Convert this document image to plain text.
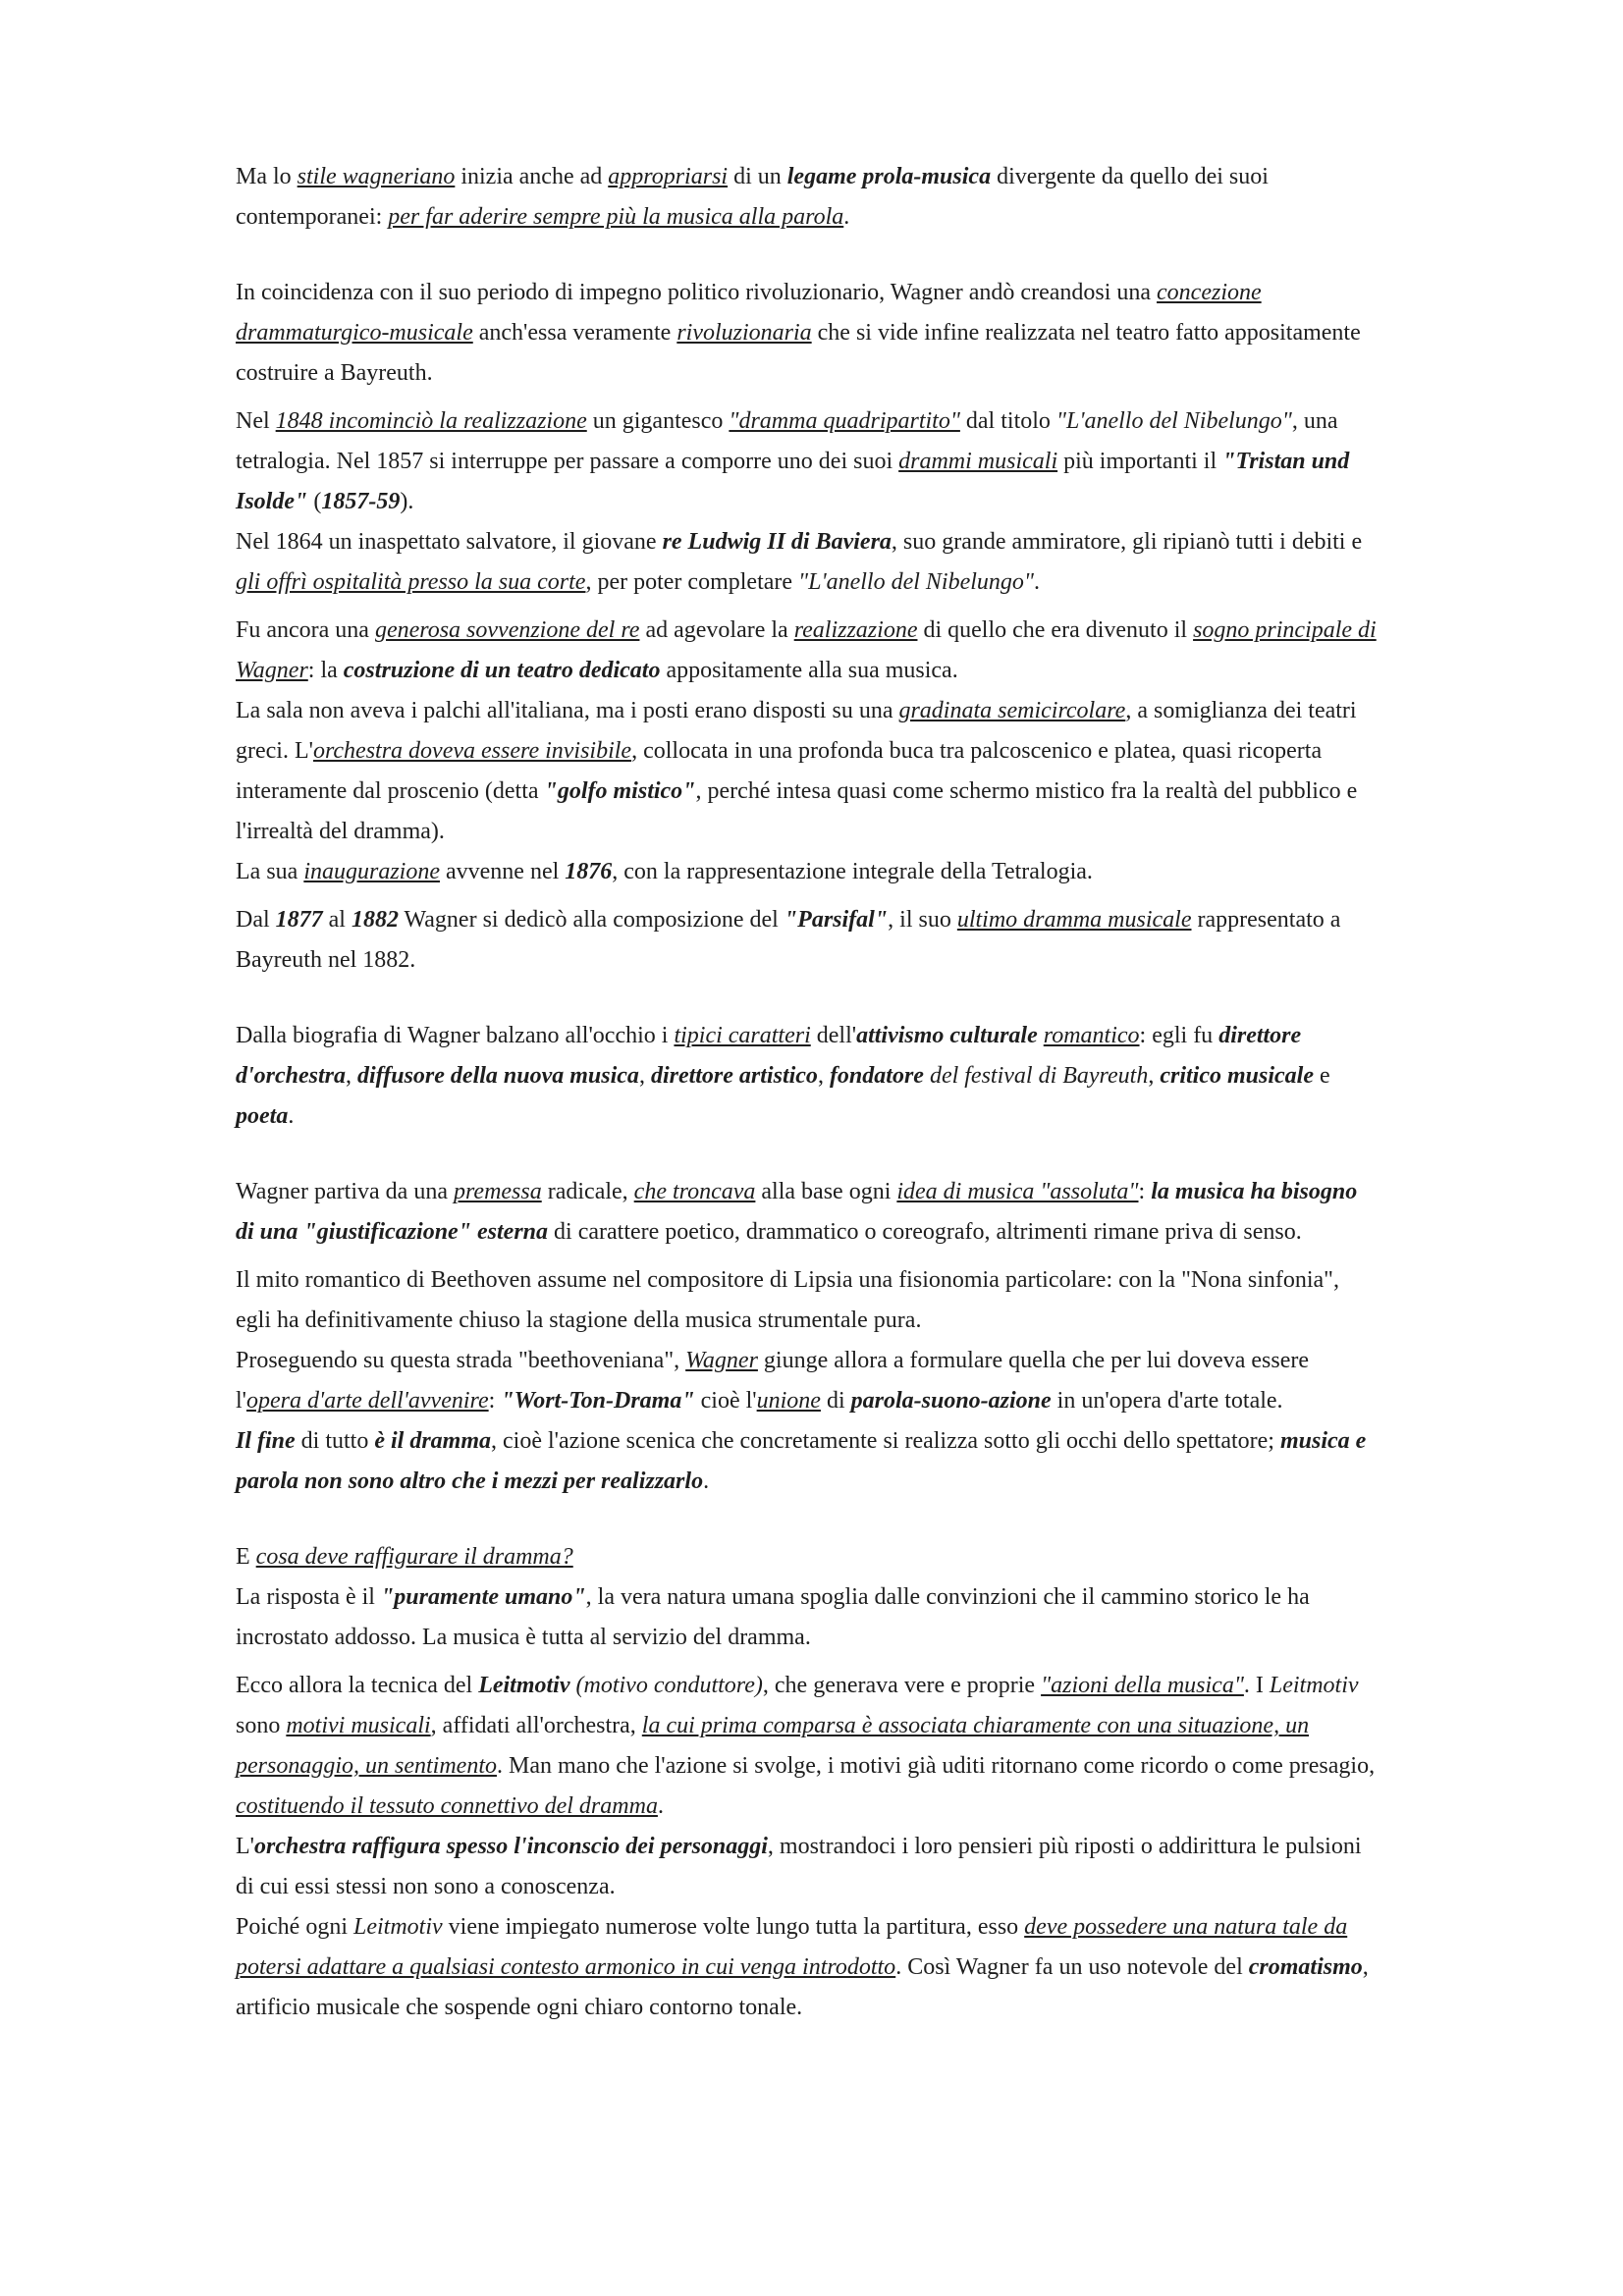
Ma lo stile wagneriano inizia anche ad appropriarsi di un legame prola-musica divergente da quello dei suoi contemporanei: per far aderire sempre più la musica alla parola.

In coincidenza con il suo periodo di impegno politico rivoluzionario, Wagner andò creandosi una concezione drammaturgico-musicale anch'essa veramente rivoluzionaria che si vide infine realizzata nel teatro fatto appositamente costruire a Bayreuth.

Nel 1848 incominciò la realizzazione un gigantesco "dramma quadripartito" dal titolo "L'anello del Nibelungo", una tetralogia. Nel 1857 si interruppe per passare a comporre uno dei suoi drammi musicali più importanti il "Tristan und Isolde" (1857-59).

Nel 1864 un inaspettato salvatore, il giovane re Ludwig II di Baviera, suo grande ammiratore, gli ripianò tutti i debiti e gli offrì ospitalità presso la sua corte, per poter completare "L'anello del Nibelungo".

Fu ancora una generosa sovvenzione del re ad agevolare la realizzazione di quello che era divenuto il sogno principale di Wagner: la costruzione di un teatro dedicato appositamente alla sua musica.

La sala non aveva i palchi all'italiana, ma i posti erano disposti su una gradinata semicircolare, a somiglianza dei teatri greci. L'orchestra doveva essere invisibile, collocata in una profonda buca tra palcoscenico e platea, quasi ricoperta interamente dal proscenio (detta "golfo mistico", perché intesa quasi come schermo mistico fra la realtà del pubblico e l'irrealtà del dramma).

La sua inaugurazione avvenne nel 1876, con la rappresentazione integrale della Tetralogia.

Dal 1877 al 1882 Wagner si dedicò alla composizione del "Parsifal", il suo ultimo dramma musicale rappresentato a Bayreuth nel 1882.

Dalla biografia di Wagner balzano all'occhio i tipici caratteri dell'attivismo culturale romantico: egli fu direttore d'orchestra, diffusore della nuova musica, direttore artistico, fondatore del festival di Bayreuth, critico musicale e poeta.

Wagner partiva da una premessa radicale, che troncava alla base ogni idea di musica "assoluta": la musica ha bisogno di una "giustificazione" esterna di carattere poetico, drammatico o coreografo, altrimenti rimane priva di senso.

Il mito romantico di Beethoven assume nel compositore di Lipsia una fisionomia particolare: con la "Nona sinfonia", egli ha definitivamente chiuso la stagione della musica strumentale pura.

Proseguendo su questa strada "beethoveniana", Wagner giunge allora a formulare quella che per lui doveva essere l'opera d'arte dell'avvenire: "Wort-Ton-Drama" cioè l'unione di parola-suono-azione in un'opera d'arte totale.

Il fine di tutto è il dramma, cioè l'azione scenica che concretamente si realizza sotto gli occhi dello spettatore; musica e parola non sono altro che i mezzi per realizzarlo.

E cosa deve raffigurare il dramma?

La risposta è il "puramente umano", la vera natura umana spoglia dalle convinzioni che il cammino storico le ha incrostato addosso. La musica è tutta al servizio del dramma.

Ecco allora la tecnica del Leitmotiv (motivo conduttore), che generava vere e proprie "azioni della musica". I Leitmotiv sono motivi musicali, affidati all'orchestra, la cui prima comparsa è associata chiaramente con una situazione, un personaggio, un sentimento. Man mano che l'azione si svolge, i motivi già uditi ritornano come ricordo o come presagio, costituendo il tessuto connettivo del dramma.

L'orchestra raffigura spesso l'inconscio dei personaggi, mostrandoci i loro pensieri più riposti o addirittura le pulsioni di cui essi stessi non sono a conoscenza.

Poiché ogni Leitmotiv viene impiegato numerose volte lungo tutta la partitura, esso deve possedere una natura tale da potersi adattare a qualsiasi contesto armonico in cui venga introdotto. Così Wagner fa un uso notevole del cromatismo, artificio musicale che sospende ogni chiaro contorno tonale.
